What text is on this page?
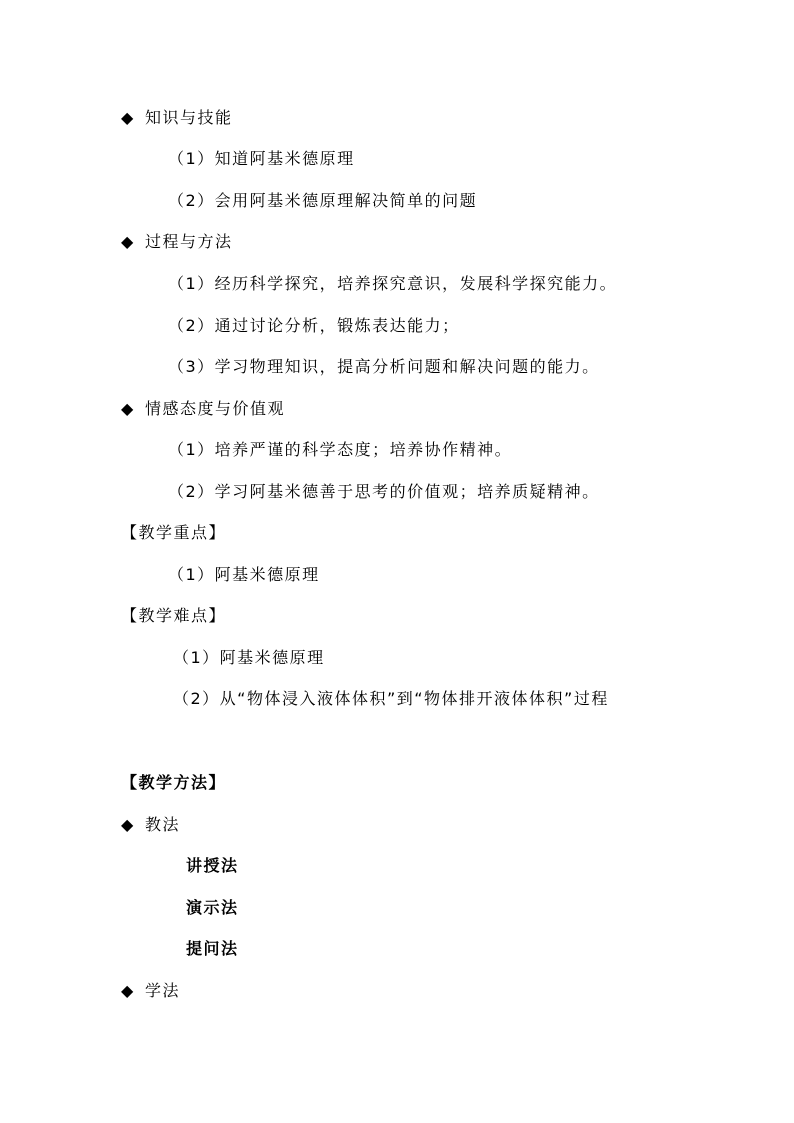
◆ 知识与技能
（1）知道阿基米德原理
（2）会用阿基米德原理解决简单的问题
◆ 过程与方法
（1）经历科学探究，培养探究意识，发展科学探究能力。
（2）通过讨论分析，锻炼表达能力；
（3）学习物理知识，提高分析问题和解决问题的能力。
◆ 情感态度与价值观
（1）培养严谨的科学态度；培养协作精神。
（2）学习阿基米德善于思考的价值观；培养质疑精神。
【教学重点】
（1）阿基米德原理
【教学难点】
（1）阿基米德原理
（2）从“物体浸入液体体积”到“物体排开液体体积”过程
【教学方法】
◆ 教法
讲授法
演示法
提问法
◆ 学法
